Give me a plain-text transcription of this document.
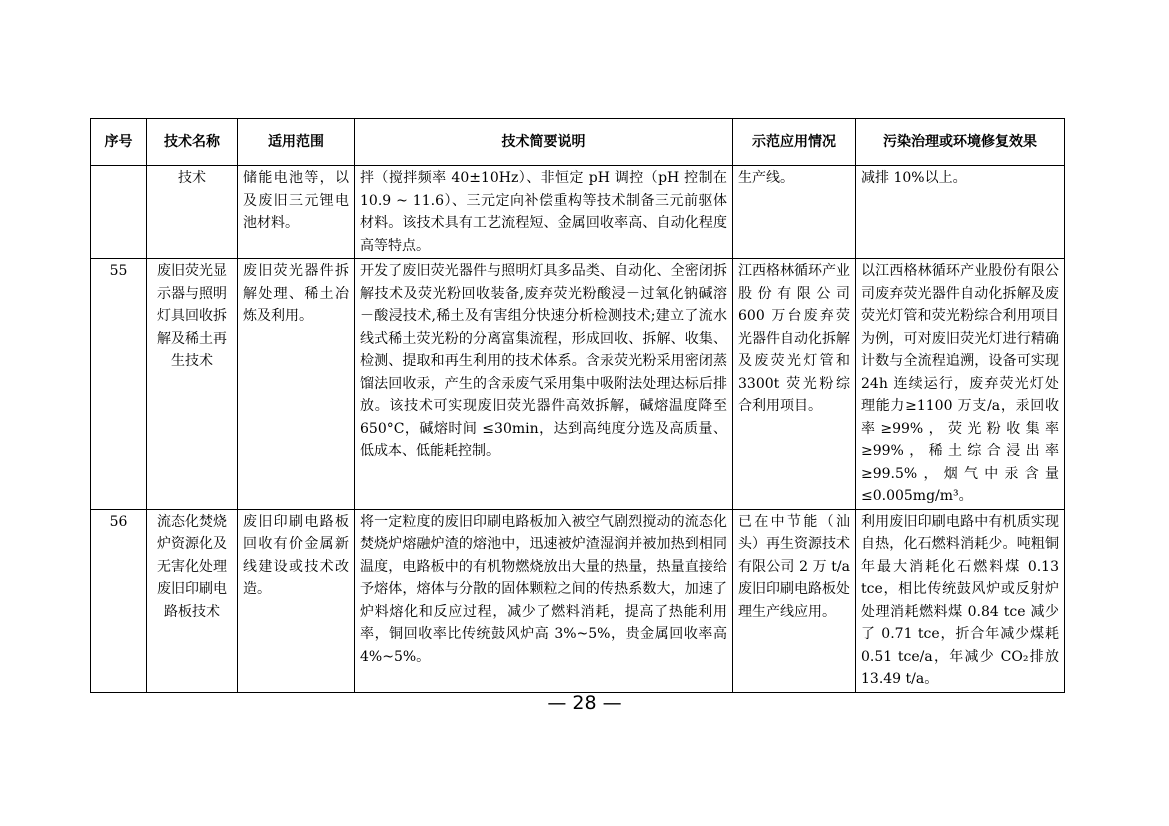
序号	技术名称	适用范围	技术简要说明	示范应用情况	污染治理或环境修复效果
	技术	储能电池等，以及废旧三元锂电池材料。	拌（搅拌频率 40±10Hz）、非恒定 pH 调控（pH 控制在 10.9 ~ 11.6）、三元定向补偿重构等技术制备三元前驱体材料。该技术具有工艺流程短、金属回收率高、自动化程度高等特点。	生产线。	减排 10%以上。
55	废旧荧光显示器与照明灯具回收拆解及稀土再生技术	废旧荧光器件拆解处理、稀土冶炼及利用。	开发了废旧荧光器件与照明灯具多品类、自动化、全密闭拆解技术及荧光粉回收装备,废弃荧光粉酸浸－过氧化钠碱溶－酸浸技术,稀土及有害组分快速分析检测技术;建立了流水线式稀土荧光粉的分离富集流程，形成回收、拆解、收集、检测、提取和再生利用的技术体系。含汞荧光粉采用密闭蒸馏法回收汞，产生的含汞废气采用集中吸附法处理达标后排放。该技术可实现废旧荧光器件高效拆解，碱熔温度降至 650°C，碱熔时间 ≤30min，达到高纯度分选及高质量、低成本、低能耗控制。	江西格林循环产业股份有限公司 600 万台废弃荧光器件自动化拆解及废荧光灯管和 3300t 荧光粉综合利用项目。	以江西格林循环产业股份有限公司废弃荧光器件自动化拆解及废荧光灯管和荧光粉综合利用项目为例，可对废旧荧光灯进行精确计数与全流程追溯，设备可实现 24h 连续运行，废弃荧光灯处理能力≥1100 万支/a，汞回收率≥99%，荧光粉收集率≥99%，稀土综合浸出率≥99.5%，烟气中汞含量≤0.005mg/m³。
56	流态化焚烧炉资源化及无害化处理废旧印刷电路板技术	废旧印刷电路板回收有价金属新线建设或技术改造。	将一定粒度的废旧印刷电路板加入被空气剧烈搅动的流态化焚烧炉熔融炉渣的熔池中，迅速被炉渣湿润并被加热到相同温度，电路板中的有机物燃烧放出大量的热量，热量直接给予熔体，熔体与分散的固体颗粒之间的传热系数大，加速了炉料熔化和反应过程，减少了燃料消耗，提高了热能利用率，铜回收率比传统鼓风炉高 3%~5%，贵金属回收率高 4%~5%。	已在中节能（汕头）再生资源技术有限公司 2 万 t/a 废旧印刷电路板处理生产线应用。	利用废旧印刷电路中有机质实现自热，化石燃料消耗少。吨粗铜年最大消耗化石燃料煤 0.13 tce，相比传统鼓风炉或反射炉处理消耗燃料煤 0.84 tce 减少了 0.71 tce，折合年减少煤耗 0.51 tce/a，年减少 CO₂排放 13.49 t/a。
— 28 —
